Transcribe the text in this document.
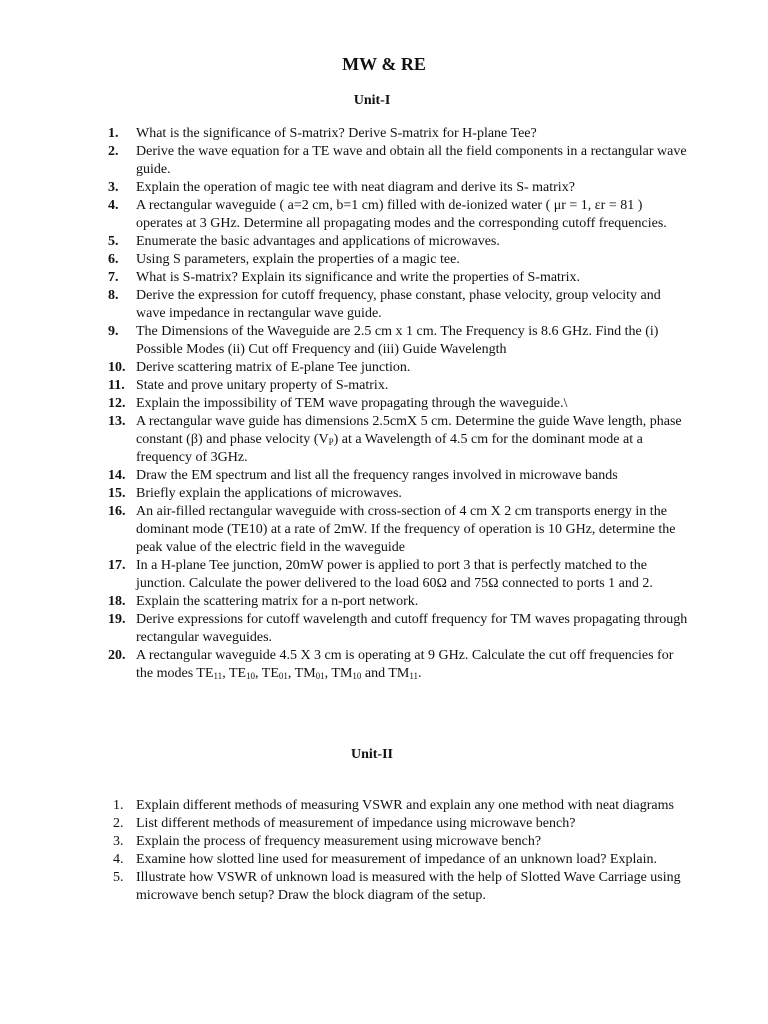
MW & RE
Unit-I
1.	What is the significance of S-matrix? Derive S-matrix for H-plane Tee?
2.	Derive the wave equation for a TE wave and obtain all the field components in a rectangular wave guide.
3.	Explain the operation of magic tee with neat diagram and derive its S- matrix?
4.	A rectangular waveguide ( a=2 cm, b=1 cm) filled with de-ionized water ( μr = 1, εr = 81 ) operates at 3 GHz. Determine all propagating modes and the corresponding cutoff frequencies.
5.	Enumerate the basic advantages and applications of microwaves.
6.	Using S parameters, explain the properties of a magic tee.
7.	What is S-matrix? Explain its significance and write the properties of S-matrix.
8.	Derive the expression for cutoff frequency, phase constant, phase velocity, group velocity and wave impedance in rectangular wave guide.
9.	The Dimensions of the Waveguide are 2.5 cm x 1 cm. The Frequency is 8.6 GHz. Find the (i) Possible Modes (ii) Cut off Frequency and (iii) Guide Wavelength
10. Derive scattering matrix of E-plane Tee junction.
11. State and prove unitary property of S-matrix.
12. Explain the impossibility of TEM wave propagating through the waveguide.\
13. A rectangular wave guide has dimensions 2.5cmX 5 cm. Determine the guide Wave length, phase constant (β) and phase velocity $(V_P)$ at a Wavelength of 4.5 cm for the dominant mode at a frequency of 3GHz.
14. Draw the EM spectrum and list all the frequency ranges involved in microwave bands
15. Briefly explain the applications of microwaves.
16. An air-filled rectangular waveguide with cross-section of 4 cm X 2 cm transports energy in the dominant mode (TE10) at a rate of 2mW. If the frequency of operation is 10 GHz, determine the peak value of the electric field in the waveguide
17. In a H-plane Tee junction, 20mW power is applied to port 3 that is perfectly matched to the junction. Calculate the power delivered to the load 60Ω and 75Ω connected to ports 1 and 2.
18. Explain the scattering matrix for a n-port network.
19. Derive expressions for cutoff wavelength and cutoff frequency for TM waves propagating through rectangular waveguides.
20. A rectangular waveguide 4.5 X 3 cm is operating at 9 GHz. Calculate the cut off frequencies for the modes $TE_{11}$, $TE_{10}$, $TE_{01}$, $TM_{01}$, $TM_{10}$ and $TM_{11}$.
Unit-II
1. Explain different methods of measuring VSWR and explain any one method with neat diagrams
2. List different methods of measurement of impedance using microwave bench?
3. Explain the process of frequency measurement using microwave bench?
4. Examine how slotted line used for measurement of impedance of an unknown load? Explain.
5. Illustrate how VSWR of unknown load is measured with the help of Slotted Wave Carriage using microwave bench setup? Draw the block diagram of the setup.
